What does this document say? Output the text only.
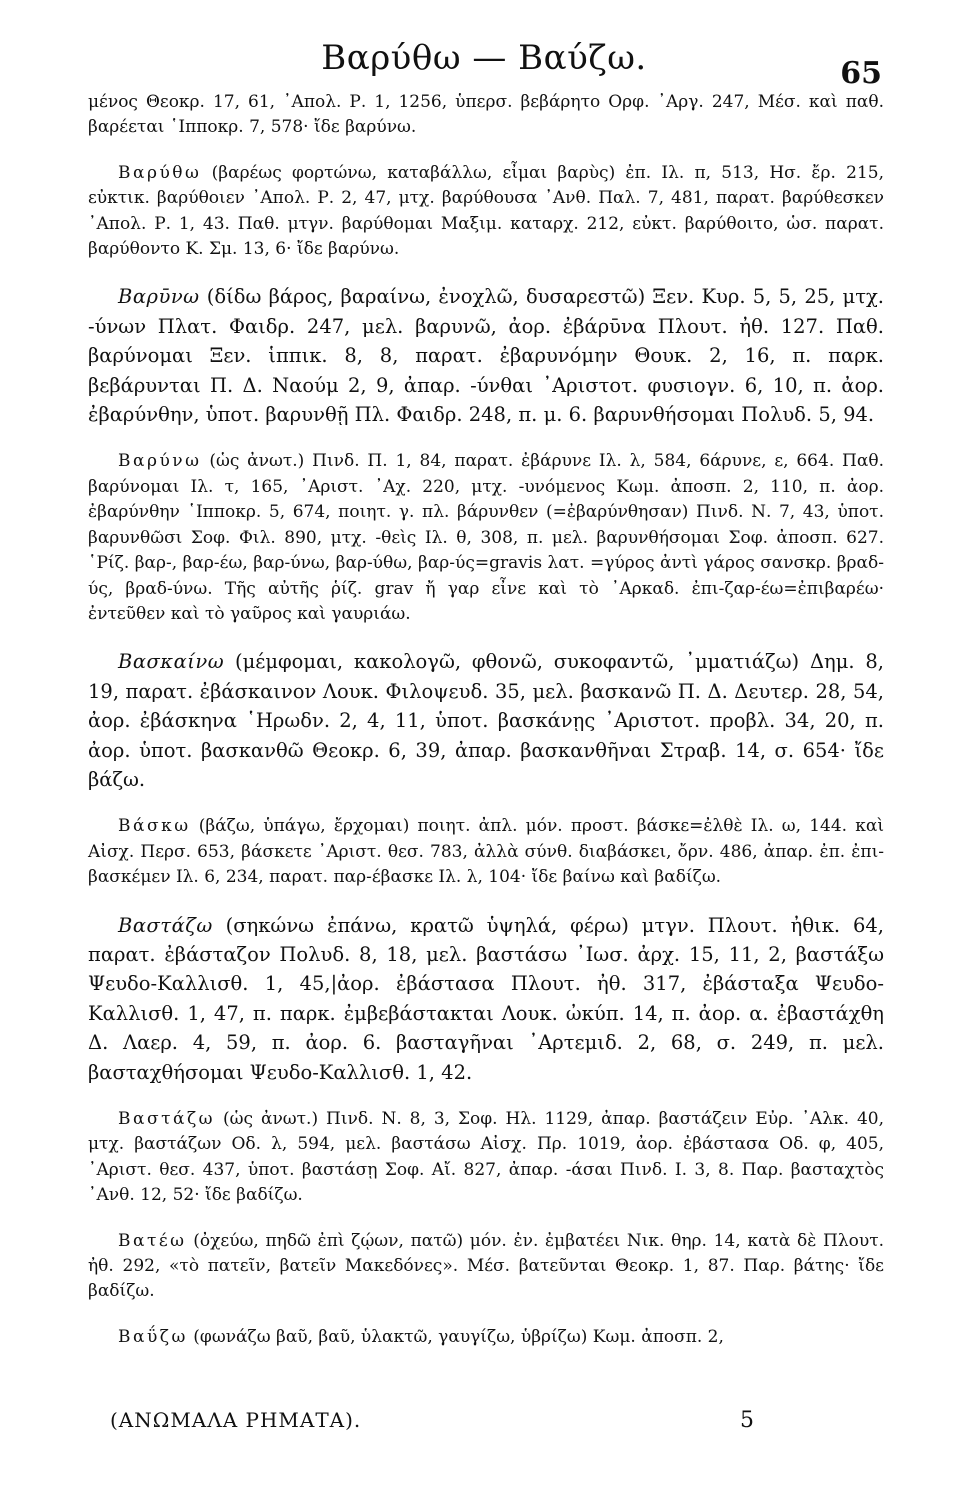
Βαρύθω — Βαύζω.	65

μένος Θεοκρ. 17, 61, ᾿Απολ. Ρ. 1, 1256, ὑπερσ. βεβάρητο Ορφ. ᾿Αργ. 247, Μέσ. καὶ παθ. βαρέεται ῾Ιπποκρ. 7, 578· ἴδε βαρύνω.

Βαρύθω (βαρέως φορτώνω, καταβάλλω, εἶμαι βαρὺς) ἐπ. Ιλ. π, 513, Ησ. ἔρ. 215, εὐκτικ. βαρύθοιεν ᾿Απολ. Ρ. 2, 47, μτχ. βαρύθουσα ᾿Ανθ. Παλ. 7, 481, παρατ. βαρύθεσκεν ᾿Απολ. Ρ. 1, 43. Παθ. μτγν. βαρύθομαι Μαξιμ. καταρχ. 212, εὐκτ. βαρύθοιτο, ὡσ. παρατ. βαρύθοντο Κ. Σμ. 13, 6· ἴδε βαρύνω.

Βαρῡνω (δίδω βάρος, βαραίνω, ἐνοχλῶ, δυσαρεστῶ) Ξεν. Κυρ. 5, 5, 25, μτχ. -ύνων Πλατ. Φαιδρ. 247, μελ. βαρυνῶ, ἀορ. ἐβάρῡνα Πλουτ. ἠθ. 127. Παθ. βαρύνομαι Ξεν. ἱππικ. 8, 8, παρατ. ἐβαρυνόμην Θουκ. 2, 16, π. παρκ. βεβάρυνται Π. Δ. Ναούμ 2, 9, ἀπαρ. -ύνθαι ᾿Αριστοτ. φυσιογν. 6, 10, π. ἀορ. ἐβαρύνθην, ὑποτ. βαρυνθῇ Πλ. Φαιδρ. 248, π. μ. 6. βαρυνθήσομαι Πολυδ. 5, 94.

Βαρύνω (ὡς ἀνωτ.) Πινδ. Π. 1, 84, παρατ. ἐβάρυνε Ιλ. λ, 584, 6άρυνε, ε, 664. Παθ. βαρύνομαι Ιλ. τ, 165, ᾿Αριστ. ᾿Αχ. 220, μτχ. -υνόμενος Κωμ. ἀποσπ. 2, 110, π. ἀορ. ἐβαρύνθην ῾Ιπποκρ. 5, 674, ποιητ. γ. πλ. βάρυνθεν (=ἐβαρύνθησαν) Πινδ. Ν. 7, 43, ὑποτ. βαρυνθῶσι Σοφ. Φιλ. 890, μτχ. -θεὶς Ιλ. θ, 308, π. μελ. βαρυνθήσομαι Σοφ. ἀποσπ. 627. ῾Ρίζ. βαρ-, βαρ-έω, βαρ-ύνω, βαρ-ύθω, βαρ-ύς=gravis λατ. =γύρος ἀντὶ γάρος σανσκρ. βραδ-ύς, βραδ-ύνω. Τῆς αὐτῆς ῥίζ. grav ἤ γαρ εἶνε καὶ τὸ ᾿Αρκαδ. ἐπι-ζαρ-έω=ἐπιβαρέω· ἐντεῦθεν καὶ τὸ γαῦρος καὶ γαυριάω.

Βασκαίνω (μέμφομαι, κακολογῶ, φθονῶ, συκοφαντῶ, ᾿μματιάζω) Δημ. 8, 19, παρατ. ἐβάσκαινον Λουκ. Φιλοψευδ. 35, μελ. βασκανῶ Π. Δ. Δευτερ. 28, 54, ἀορ. ἐβάσκηνα ῾Ηρωδν. 2, 4, 11, ὑποτ. βασκάνῃς ᾿Αριστοτ. προβλ. 34, 20, π. ἀορ. ὑποτ. βασκανθῶ Θεοκρ. 6, 39, ἀπαρ. βασκανθῆναι Στραβ. 14, σ. 654· ἴδε βάζω.

Βάσκω (βάζω, ὑπάγω, ἔρχομαι) ποιητ. ἀπλ. μόν. προστ. βάσκε=ἐλθὲ Ιλ. ω, 144. καὶ Αἰσχ. Περσ. 653, βάσκετε ᾿Αριστ. θεσ. 783, ἀλλὰ σύνθ. διαβάσκει, ὄρν. 486, ἀπαρ. ἐπ. ἐπι-βασκέμεν Ιλ. 6, 234, παρατ. παρ-έβασκε Ιλ. λ, 104· ἴδε βαίνω καὶ βαδίζω.

Βαστάζω (σηκώνω ἐπάνω, κρατῶ ὑψηλά, φέρω) μτγν. Πλουτ. ἠθικ. 64, παρατ. ἐβάσταζον Πολυδ. 8, 18, μελ. βαστάσω ᾿Ιωσ. ἀρχ. 15, 11, 2, βαστάξω Ψευδο-Καλλισθ. 1, 45,|ἀορ. ἐβάστασα Πλουτ. ἠθ. 317, ἐβάσταξα Ψευδο-Καλλισθ. 1, 47, π. παρκ. ἐμβεβάστακται Λουκ. ὠκύπ. 14, π. ἀορ. α. ἐβαστάχθη Δ. Λαερ. 4, 59, π. ἀορ. 6. βασταγῆναι ᾿Αρτεμιδ. 2, 68, σ. 249, π. μελ. βασταχθήσομαι Ψευδο-Καλλισθ. 1, 42.

Βαστάζω (ὡς ἀνωτ.) Πινδ. Ν. 8, 3, Σοφ. Ηλ. 1129, ἀπαρ. βαστάζειν Εὐρ. ᾿Αλκ. 40, μτχ. βαστάζων Οδ. λ, 594, μελ. βαστάσω Αἰσχ. Πρ. 1019, ἀορ. ἐβάστασα Οδ. φ, 405, ᾿Αριστ. θεσ. 437, ὑποτ. βαστάσῃ Σοφ. Αἴ. 827, ἀπαρ. -άσαι Πινδ. Ι. 3, 8. Παρ. βασταχτὸς ᾿Ανθ. 12, 52· ἴδε βαδίζω.

Βατέω (ὀχεύω, πηδῶ ἐπὶ ζῴων, πατῶ) μόν. ἐν. ἐμβατέει Νικ. θηρ. 14, κατὰ δὲ Πλουτ. ἠθ. 292, «τὸ πατεῖν, βατεῖν Μακεδόνες». Μέσ. βατεῦνται Θεοκρ. 1, 87. Παρ. βάτης· ἴδε βαδίζω.

Βαΰζω (φωνάζω βαῦ, βαῦ, ὑλακτῶ, γαυγίζω, ὑβρίζω) Κωμ. ἀποσπ. 2,

(ΑΝΩΜΑΛΑ ΡΗΜΑΤΑ).	5
